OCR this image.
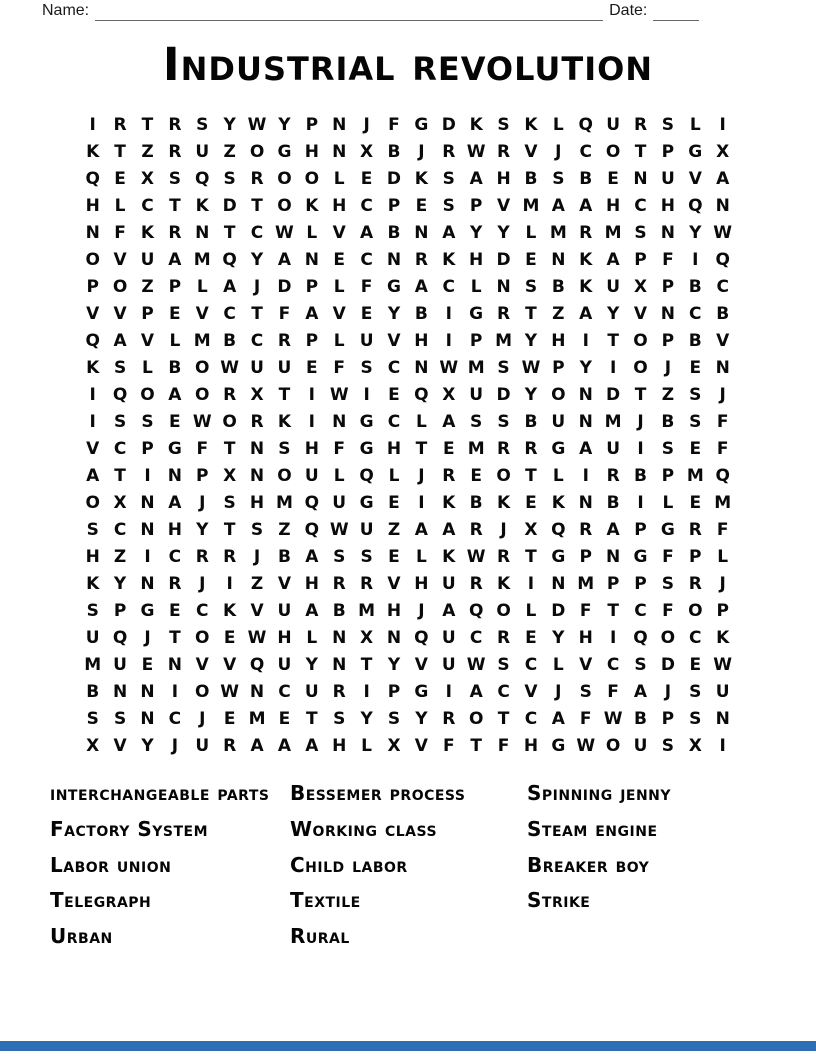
Name:	Date:
Industrial revolution
I	R T R S Y W Y P N	J	F G D K S K L Q U R S L	I
K T Z R U Z O G H N X B	J	R W R V	J	C O T P G X
Q E X S Q S R O O L E D K S A H B S B E N U V A
H L C T K D T O K H C P E S P V M A A H C H Q N
N F K R N T C W L V A B N A Y Y L M R M S N Y W
O V U A M Q Y A N E C N R K H D E N K A P F	I	Q
P O Z P L A	J	D P L F G A C L N S B K U X P B C
V V P E V C T F A V E Y B	I	G R T Z A Y V N C B
Q A V L M B C R P L U V H	I	P M Y H	I	T O P B V
K S L B O W U U E F S C N W M S W P Y	I	O	J	E N
I	Q O A O R X T	I W I	E Q X U D Y O N D T Z S	J
I	S S E W O R K	I	N G C L A S S B U N M J	B S F
V C P G F T N S H F G H T E M R R G A U	I	S E F
A T	I	N P X N O U L Q L	J	R E O T L	I	R B P M Q
O X N A	J	S H M Q U G E	I	K B K E K N B	I	L E M
S C N H Y T S Z Q W U Z A A R	J	X Q R A P G R F
H Z	I	C R R	J	B A S S E L K W R T G P N G F P L
K Y N R	J	I	Z V H R R V H U R K	I	N M P P S R	J
S P G E C K V U A B M H	J	A Q O L D F T C F O P
U Q	J	T O E W H L N X N Q U C R E Y H	I	Q O C K
M U E N V V Q U Y N T Y V U W S C L V C S D E W
B N N	I	O W N C U R	I	P G	I	A C V	J	S F A	J	S U
S S N C	J	E M E T S Y S Y R O T C A F W B P S N
X V Y	J	U R A A A H L X V F T F H G W O U S X	I
interchangeable parts
Factory System
Labor union
Telegraph
Urban
Bessemer process
Working class
Child labor
Textile
Rural
Spinning jenny
Steam engine
Breaker boy
Strike
